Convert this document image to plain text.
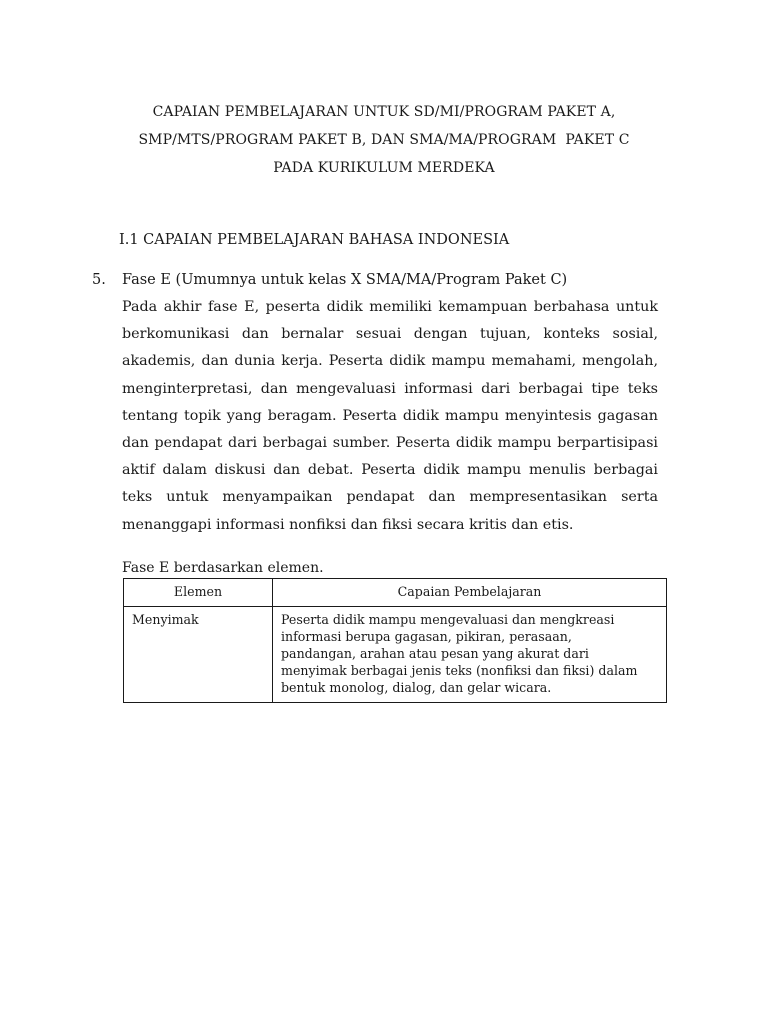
CAPAIAN PEMBELAJARAN UNTUK SD/MI/PROGRAM PAKET A,
SMP/MTS/PROGRAM PAKET B, DAN SMA/MA/PROGRAM  PAKET C
PADA KURIKULUM MERDEKA
I.1 CAPAIAN PEMBELAJARAN BAHASA INDONESIA
5. Fase E (Umumnya untuk kelas X SMA/MA/Program Paket C)
Pada akhir fase E, peserta didik memiliki kemampuan berbahasa untuk
berkomunikasi dan bernalar sesuai dengan tujuan, konteks sosial,
akademis, dan dunia kerja. Peserta didik mampu memahami, mengolah,
menginterpretasi, dan mengevaluasi informasi dari berbagai tipe teks
tentang topik yang beragam. Peserta didik mampu menyintesis gagasan
dan pendapat dari berbagai sumber. Peserta didik mampu berpartisipasi
aktif dalam diskusi dan debat. Peserta didik mampu menulis berbagai
teks untuk menyampaikan pendapat dan mempresentasikan serta
menanggapi informasi nonfiksi dan fiksi secara kritis dan etis.
Fase E berdasarkan elemen.
Elemen	Capaian Pembelajaran
Menyimak	Peserta didik mampu mengevaluasi dan mengkreasi
informasi berupa gagasan, pikiran, perasaan,
pandangan, arahan atau pesan yang akurat dari
menyimak berbagai jenis teks (nonfiksi dan fiksi) dalam
bentuk monolog, dialog, dan gelar wicara.
